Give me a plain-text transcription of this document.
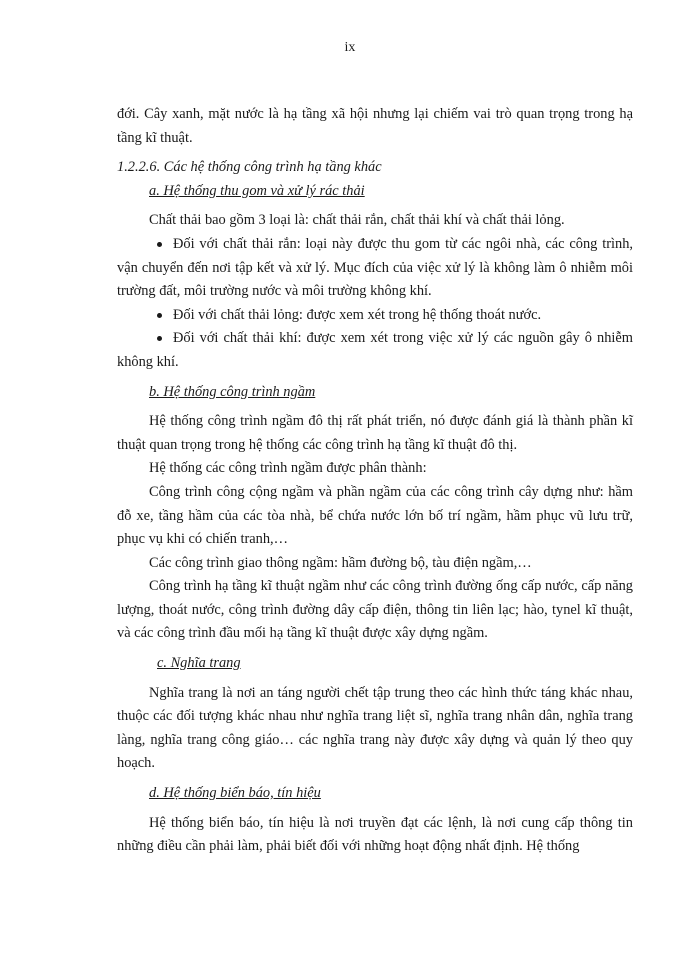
ix

đới. Cây xanh, mặt nước là hạ tầng xã hội nhưng lại chiếm vai trò quan trọng trong hạ tầng kĩ thuật.

1.2.2.6. Các hệ thống công trình hạ tầng khác

a. Hệ thống thu gom và xử lý rác thải

Chất thải bao gồm 3 loại là: chất thải rắn, chất thải khí và chất thải lỏng.

Đối với chất thải rắn: loại này được thu gom từ các ngôi nhà, các công trình, vận chuyển đến nơi tập kết và xử lý. Mục đích của việc xử lý là không làm ô nhiễm môi trường đất, môi trường nước và môi trường không khí.

Đối với chất thải lỏng: được xem xét trong hệ thống thoát nước.

Đối với chất thải khí: được xem xét trong việc xử lý các nguồn gây ô nhiễm không khí.

b. Hệ thống công trình ngầm

Hệ thống công trình ngầm đô thị rất phát triển, nó được đánh giá là thành phần kĩ thuật quan trọng trong hệ thống các công trình hạ tầng kĩ thuật đô thị.

Hệ thống các công trình ngầm được phân thành:

Công trình công cộng ngầm và phần ngầm của các công trình cây dựng như: hầm đỗ xe, tầng hầm của các tòa nhà, bể chứa nước lớn bố trí ngầm, hầm phục vũ lưu trữ, phục vụ khi có chiến tranh,…

Các công trình giao thông ngầm: hầm đường bộ, tàu điện ngầm,…

Công trình hạ tầng kĩ thuật ngầm như các công trình đường ống cấp nước, cấp năng lượng, thoát nước, công trình đường dây cấp điện, thông tin liên lạc; hào, tynel kĩ thuật, và các công trình đầu mối hạ tầng kĩ thuật được xây dựng ngầm.

c. Nghĩa trang

Nghĩa trang là nơi an táng người chết tập trung theo các hình thức táng khác nhau, thuộc các đối tượng khác nhau như nghĩa trang liệt sĩ, nghĩa trang nhân dân, nghĩa trang làng, nghĩa trang công giáo… các nghĩa trang này được xây dựng và quản lý theo quy hoạch.

d. Hệ thống biển báo, tín hiệu

Hệ thống biển báo, tín hiệu là nơi truyền đạt các lệnh, là nơi cung cấp thông tin những điều cần phải làm, phải biết đối với những hoạt động nhất định. Hệ thống
